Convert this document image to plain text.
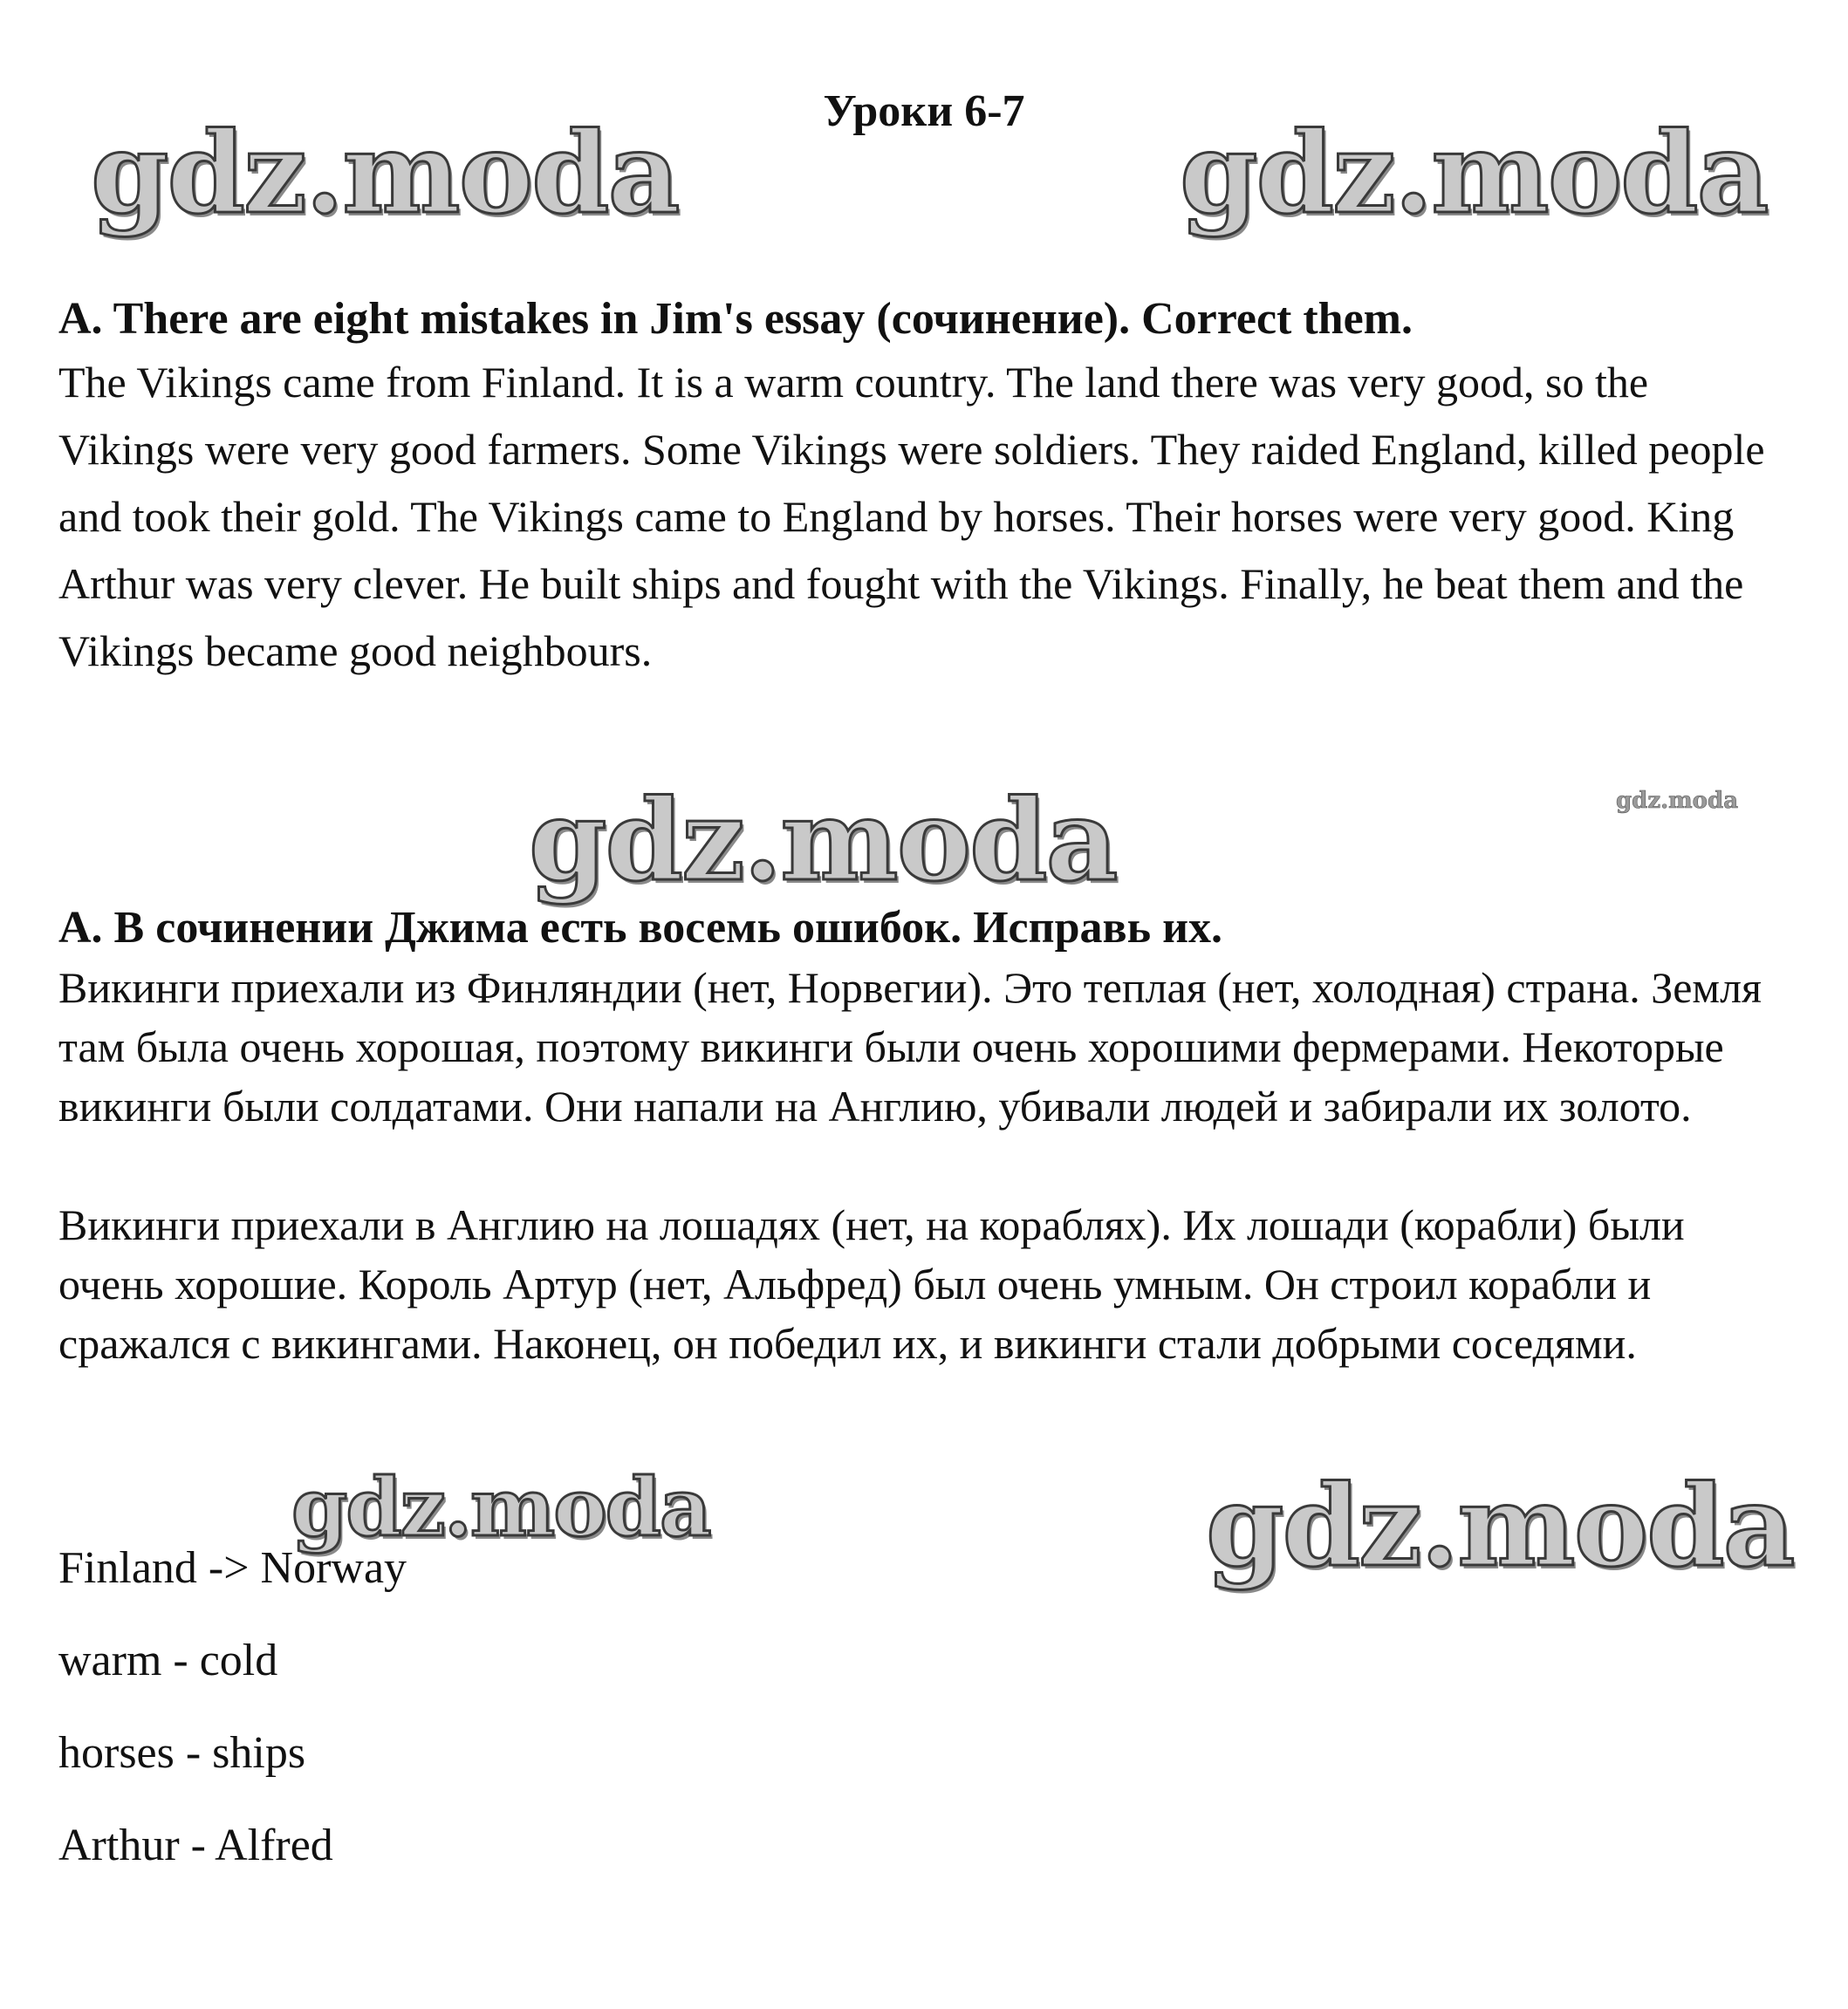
Уроки 6-7
gdz.moda	gdz.moda
A. There are eight mistakes in Jim's essay (сочинение). Correct them.

The Vikings came from Finland. It is a warm country. The land there was very good, so the Vikings were very good farmers. Some Vikings were soldiers. They raided England, killed people and took their gold. The Vikings came to England by horses. Their horses were very good. King Arthur was very clever. He built ships and fought with the Vikings. Finally, he beat them and the Vikings became good neighbours.

gdz.moda
gdz.moda
А. В сочинении Джима есть восемь ошибок. Исправь их.

Викинги приехали из Финляндии (нет, Норвегии). Это теплая (нет, холодная) страна. Земля там была очень хорошая, поэтому викинги были очень хорошими фермерами. Некоторые викинги были солдатами. Они напали на Англию, убивали людей и забирали их золото.

Викинги приехали в Англию на лошадях (нет, на кораблях). Их лошади (корабли) были очень хорошие. Король Артур (нет, Альфред) был очень умным. Он строил корабли и сражался с викингами. Наконец, он победил их, и викинги стали добрыми соседями.

gdz.moda	gdz.moda
Finland -> Norway
warm - cold
horses - ships
Arthur - Alfred
